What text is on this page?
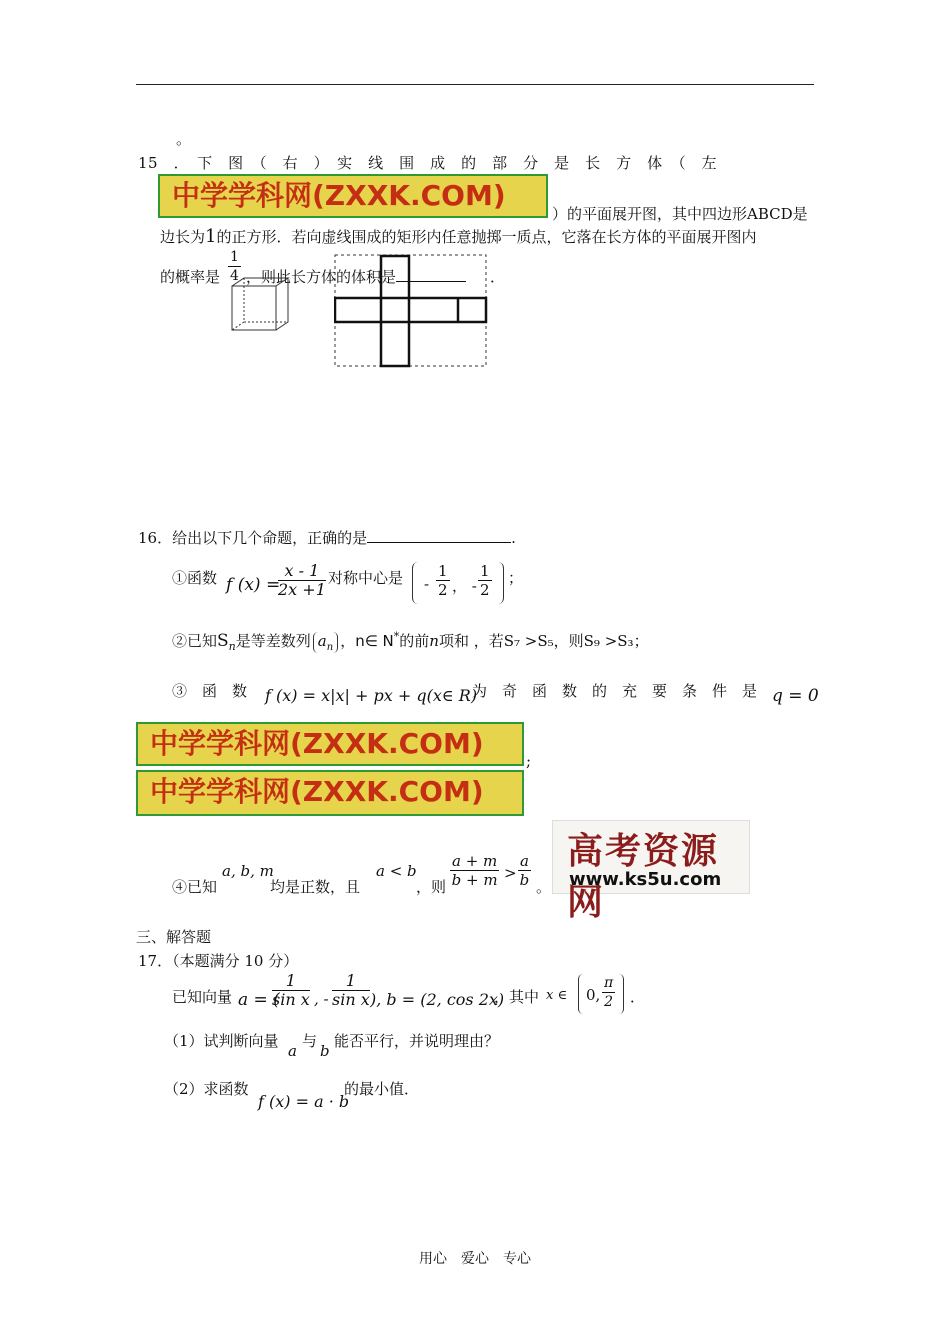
。
15　．　下　图　（　右　）　实　线　围　成　的　部　分　是　长　方　体　（　左
中学学科网(ZXXK.COM)
）的平面展开图，其中四边形ABCD是
边长为1的正方形．若向虚线围成的矩形内任意抛掷一质点，它落在长方体的平面展开图内
的概率是 $\frac{1}{4}$ ，则此长方体的体积是	．
16．给出以下几个命题，正确的是	.
①函数 f (x) =
$\frac{x - 1}{2x +1}$ 对称中心是 - $\frac{1}{2}$ ， - $\frac{1}{2}$ ；
②已知$S_n$是等差数列 $a_n$ ，n∈ N*的前n项和 ，若S₇ >S₅，则S₉ >S₃；
③　函　数 f (x) = x|x| + px + q(x∈ R)
为　奇　函　数　的　充　要　条　件　是 q = 0
中学学科网(ZXXK.COM)
;
中学学科网(ZXXK.COM)
a, b, m
④已知	均是正数，且
a < b
，则 $\frac{a + m}{b + m} > \frac{a}{b}$ 。
高考资源网
www.ks5u.com
三、解答题
17．（本题满分 10 分）
已知向量 a = (
$\frac{1}{\text{sin x}}$ , - $\frac{1}{\text{sin x}}$ ), b = (2, cos 2x)
，其中 x ∈ 0, $\frac{\pi}{2}$ ．
（1）试判断向量
a
与
b
能否平行，并说明理由？
（2）求函数
f (x) = a · b
的最小值．
用心　爱心　专心
